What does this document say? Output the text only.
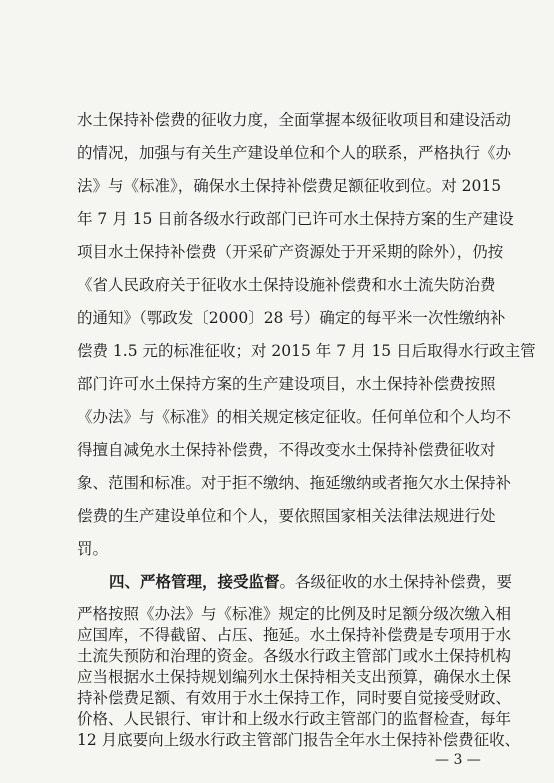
水土保持补偿费的征收力度，全面掌握本级征收项目和建设活动
的情况，加强与有关生产建设单位和个人的联系，严格执行《办
法》与《标准》，确保水土保持补偿费足额征收到位。对 2015
年 7 月 15 日前各级水行政部门已许可水土保持方案的生产建设
项目水土保持补偿费（开采矿产资源处于开采期的除外），仍按
《省人民政府关于征收水土保持设施补偿费和水土流失防治费
的通知》（鄂政发〔2000〕28 号）确定的每平米一次性缴纳补
偿费 1.5 元的标准征收；对 2015 年 7 月 15 日后取得水行政主管
部门许可水土保持方案的生产建设项目，水土保持补偿费按照
《办法》与《标准》的相关规定核定征收。任何单位和个人均不
得擅自减免水土保持补偿费，不得改变水土保持补偿费征收对
象、范围和标准。对于拒不缴纳、拖延缴纳或者拖欠水土保持补
偿费的生产建设单位和个人，要依照国家相关法律法规进行处
罚。
四、严格管理，接受监督。各级征收的水土保持补偿费，要
严格按照《办法》与《标准》规定的比例及时足额分级次缴入相
应国库，不得截留、占压、拖延。水土保持补偿费是专项用于水
土流失预防和治理的资金。各级水行政主管部门或水土保持机构
应当根据水土保持规划编列水土保持相关支出预算，确保水土保
持补偿费足额、有效用于水土保持工作，同时要自觉接受财政、
— 3 —
价格、人民银行、审计和上级水行政主管部门的监督检查，每年
12 月底要向上级水行政主管部门报告全年水土保持补偿费征收、
